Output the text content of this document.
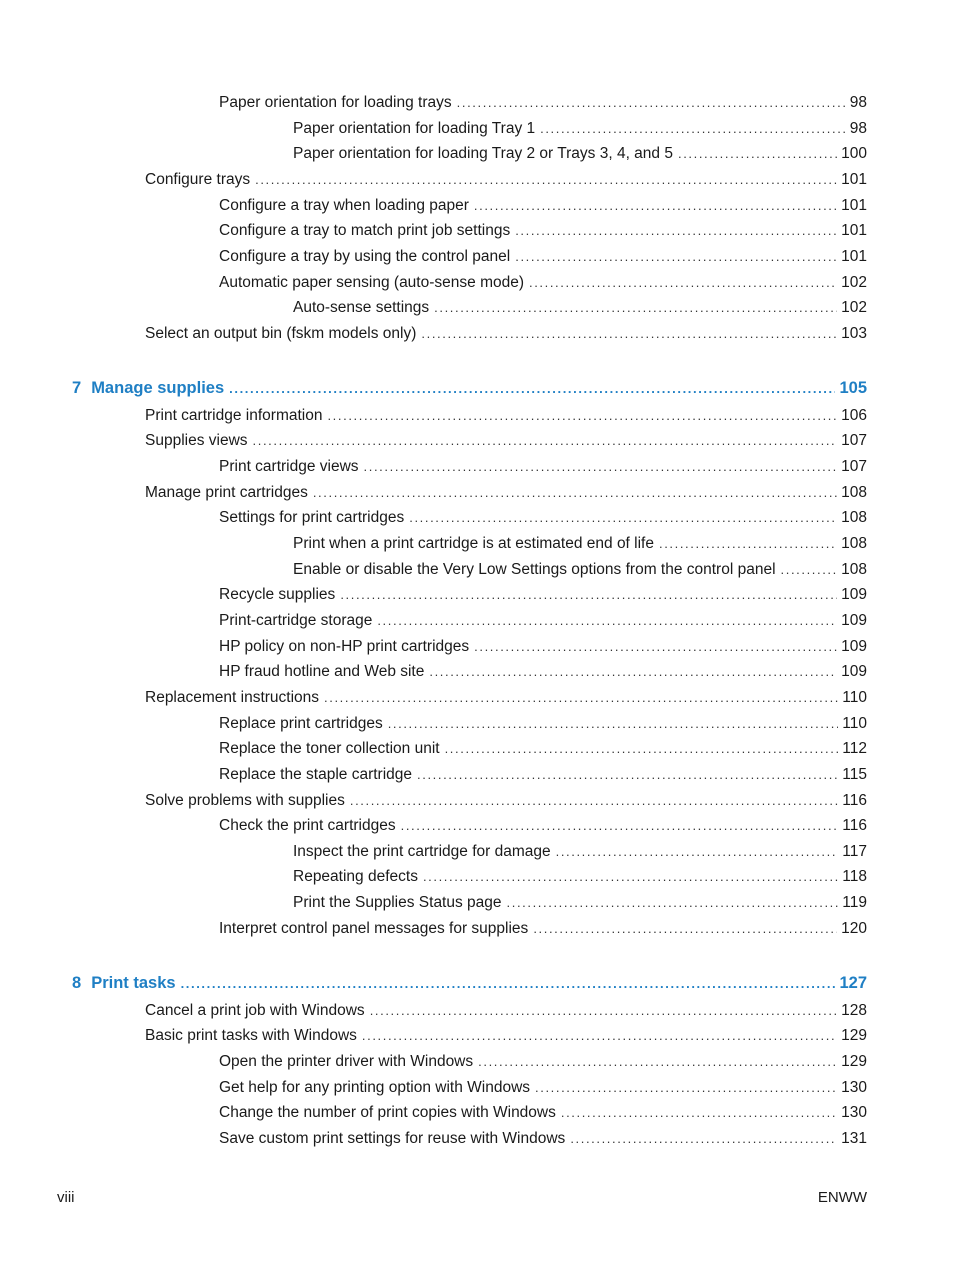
Paper orientation for loading trays .....	98
Paper orientation for loading Tray 1 .....	98
Paper orientation for loading Tray 2 or Trays 3, 4, and 5 .....	100
Configure trays .....	101
Configure a tray when loading paper .....	101
Configure a tray to match print job settings .....	101
Configure a tray by using the control panel .....	101
Automatic paper sensing (auto-sense mode) .....	102
Auto-sense settings .....	102
Select an output bin (fskm models only) .....	103
7 Manage supplies .....	105
Print cartridge information .....	106
Supplies views .....	107
Print cartridge views .....	107
Manage print cartridges .....	108
Settings for print cartridges .....	108
Print when a print cartridge is at estimated end of life .....	108
Enable or disable the Very Low Settings options from the control panel .....	108
Recycle supplies .....	109
Print-cartridge storage .....	109
HP policy on non-HP print cartridges .....	109
HP fraud hotline and Web site .....	109
Replacement instructions .....	110
Replace print cartridges .....	110
Replace the toner collection unit .....	112
Replace the staple cartridge .....	115
Solve problems with supplies .....	116
Check the print cartridges .....	116
Inspect the print cartridge for damage .....	117
Repeating defects .....	118
Print the Supplies Status page .....	119
Interpret control panel messages for supplies .....	120
8 Print tasks .....	127
Cancel a print job with Windows .....	128
Basic print tasks with Windows .....	129
Open the printer driver with Windows .....	129
Get help for any printing option with Windows .....	130
Change the number of print copies with Windows .....	130
Save custom print settings for reuse with Windows .....	131
viii	ENWW
